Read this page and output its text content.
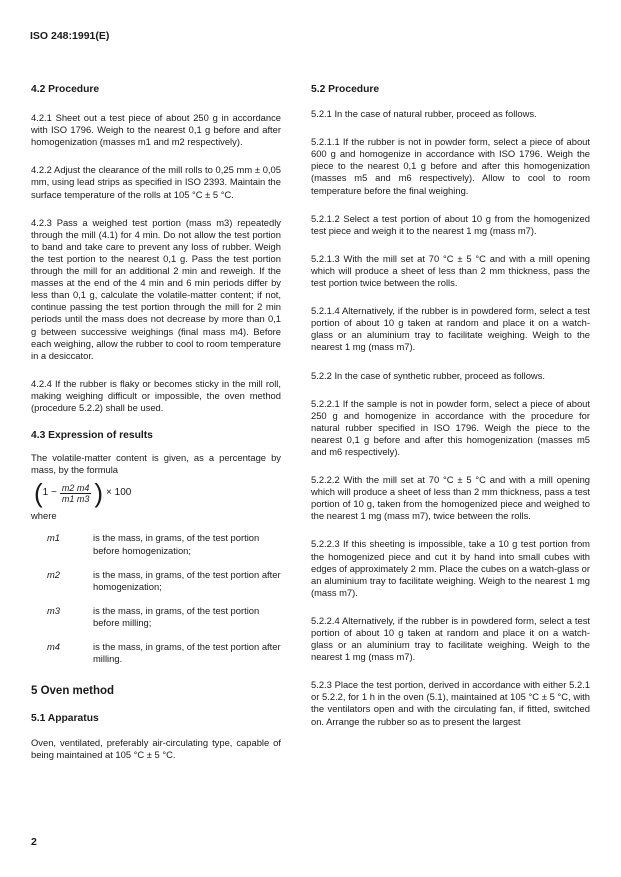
ISO 248:1991(E)

4.2 Procedure

4.2.1 Sheet out a test piece of about 250 g in accordance with ISO 1796. Weigh to the nearest 0,1 g before and after homogenization (masses m1 and m2 respectively).

4.2.2 Adjust the clearance of the mill rolls to 0,25 mm ± 0,05 mm, using lead strips as specified in ISO 2393. Maintain the surface temperature of the rolls at 105 °C ± 5 °C.

4.2.3 Pass a weighed test portion (mass m3) repeatedly through the mill (4.1) for 4 min. Do not allow the test portion to band and take care to prevent any loss of rubber. Weigh the test portion to the nearest 0,1 g. Pass the test portion through the mill for an additional 2 min and reweigh. If the masses at the end of the 4 min and 6 min periods differ by less than 0,1 g, calculate the volatile-matter content; if not, continue passing the test portion through the mill for 2 min periods until the mass does not decrease by more than 0,1 g between successive weighings (final mass m4). Before each weighing, allow the rubber to cool to room temperature in a desiccator.

4.2.4 If the rubber is flaky or becomes sticky in the mill roll, making weighing difficult or impossible, the oven method (procedure 5.2.2) shall be used.

4.3 Expression of results

The volatile-matter content is given, as a percentage by mass, by the formula

( $1 - \frac{m2 m4}{m1 m3}$ ) × 100

where

m1	is the mass, in grams, of the test portion before homogenization;
m2	is the mass, in grams, of the test portion after homogenization;
m3	is the mass, in grams, of the test portion before milling;
m4	is the mass, in grams, of the test portion after milling.

5 Oven method

5.1 Apparatus

Oven, ventilated, preferably air-circulating type, capable of being maintained at 105 °C ± 5 °C.

5.2 Procedure

5.2.1 In the case of natural rubber, proceed as follows.

5.2.1.1 If the rubber is not in powder form, select a piece of about 600 g and homogenize in accordance with ISO 1796. Weigh the piece to the nearest 0,1 g before and after this homogenization (masses m5 and m6 respectively). Allow to cool to room temperature before the final weighing.

5.2.1.2 Select a test portion of about 10 g from the homogenized test piece and weigh it to the nearest 1 mg (mass m7).

5.2.1.3 With the mill set at 70 °C ± 5 °C and with a mill opening which will produce a sheet of less than 2 mm thickness, pass the test portion twice between the rolls.

5.2.1.4 Alternatively, if the rubber is in powdered form, select a test portion of about 10 g taken at random and place it on a watch-glass or an aluminium tray to facilitate weighing. Weigh to the nearest 1 mg (mass m7).

5.2.2 In the case of synthetic rubber, proceed as follows.

5.2.2.1 If the sample is not in powder form, select a piece of about 250 g and homogenize in accordance with the procedure for natural rubber specified in ISO 1796. Weigh the piece to the nearest 0,1 g before and after this homogenization (masses m5 and m6 respectively).

5.2.2.2 With the mill set at 70 °C ± 5 °C and with a mill opening which will produce a sheet of less than 2 mm thickness, pass a test portion of 10 g, taken from the homogenized piece and weighed to the nearest 1 mg (mass m7), twice between the rolls.

5.2.2.3 If this sheeting is impossible, take a 10 g test portion from the homogenized piece and cut it by hand into small cubes with edges of approximately 2 mm. Place the cubes on a watch-glass or an aluminium tray to facilitate weighing. Weigh to the nearest 1 mg (mass m7).

5.2.2.4 Alternatively, if the rubber is in powdered form, select a test portion of about 10 g taken at random and place it on a watch-glass or an aluminium tray to facilitate weighing. Weigh to the nearest 1 mg (mass m7).

5.2.3 Place the test portion, derived in accordance with either 5.2.1 or 5.2.2, for 1 h in the oven (5.1), maintained at 105 °C ± 5 °C, with the ventilators open and with the circulating fan, if fitted, switched on. Arrange the rubber so as to present the largest

2
